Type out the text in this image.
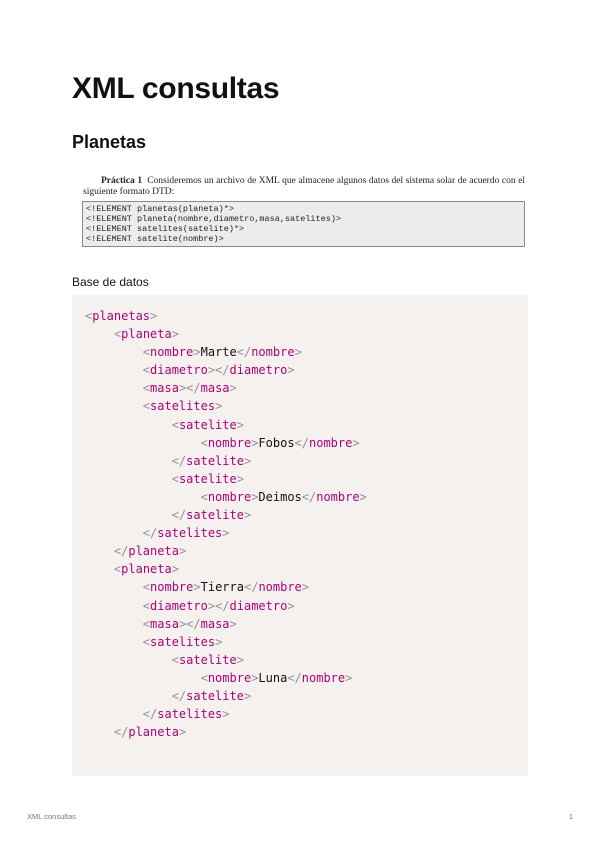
XML consultas
Planetas

Práctica 1 Consideremos un archivo de XML que almacene algunos datos del sistema solar de acuerdo con el siguiente formato DTD:

<!ELEMENT planetas(planeta)*>
<!ELEMENT planeta(nombre,diametro,masa,satelites)>
<!ELEMENT satelites(satelite)*>
<!ELEMENT satelite(nombre)>
Base de datos
<planetas>
<planeta>
<nombre>Marte</nombre>
<diametro></diametro>
<masa></masa>
<satelites>
<satelite>
<nombre>Fobos</nombre>
</satelite>
<satelite>
<nombre>Deimos</nombre>
</satelite>
</satelites>
</planeta>
<planeta>
<nombre>Tierra</nombre>
<diametro></diametro>
<masa></masa>
<satelites>
<satelite>
<nombre>Luna</nombre>
</satelite>
</satelites>
</planeta>
XML consultas	1
